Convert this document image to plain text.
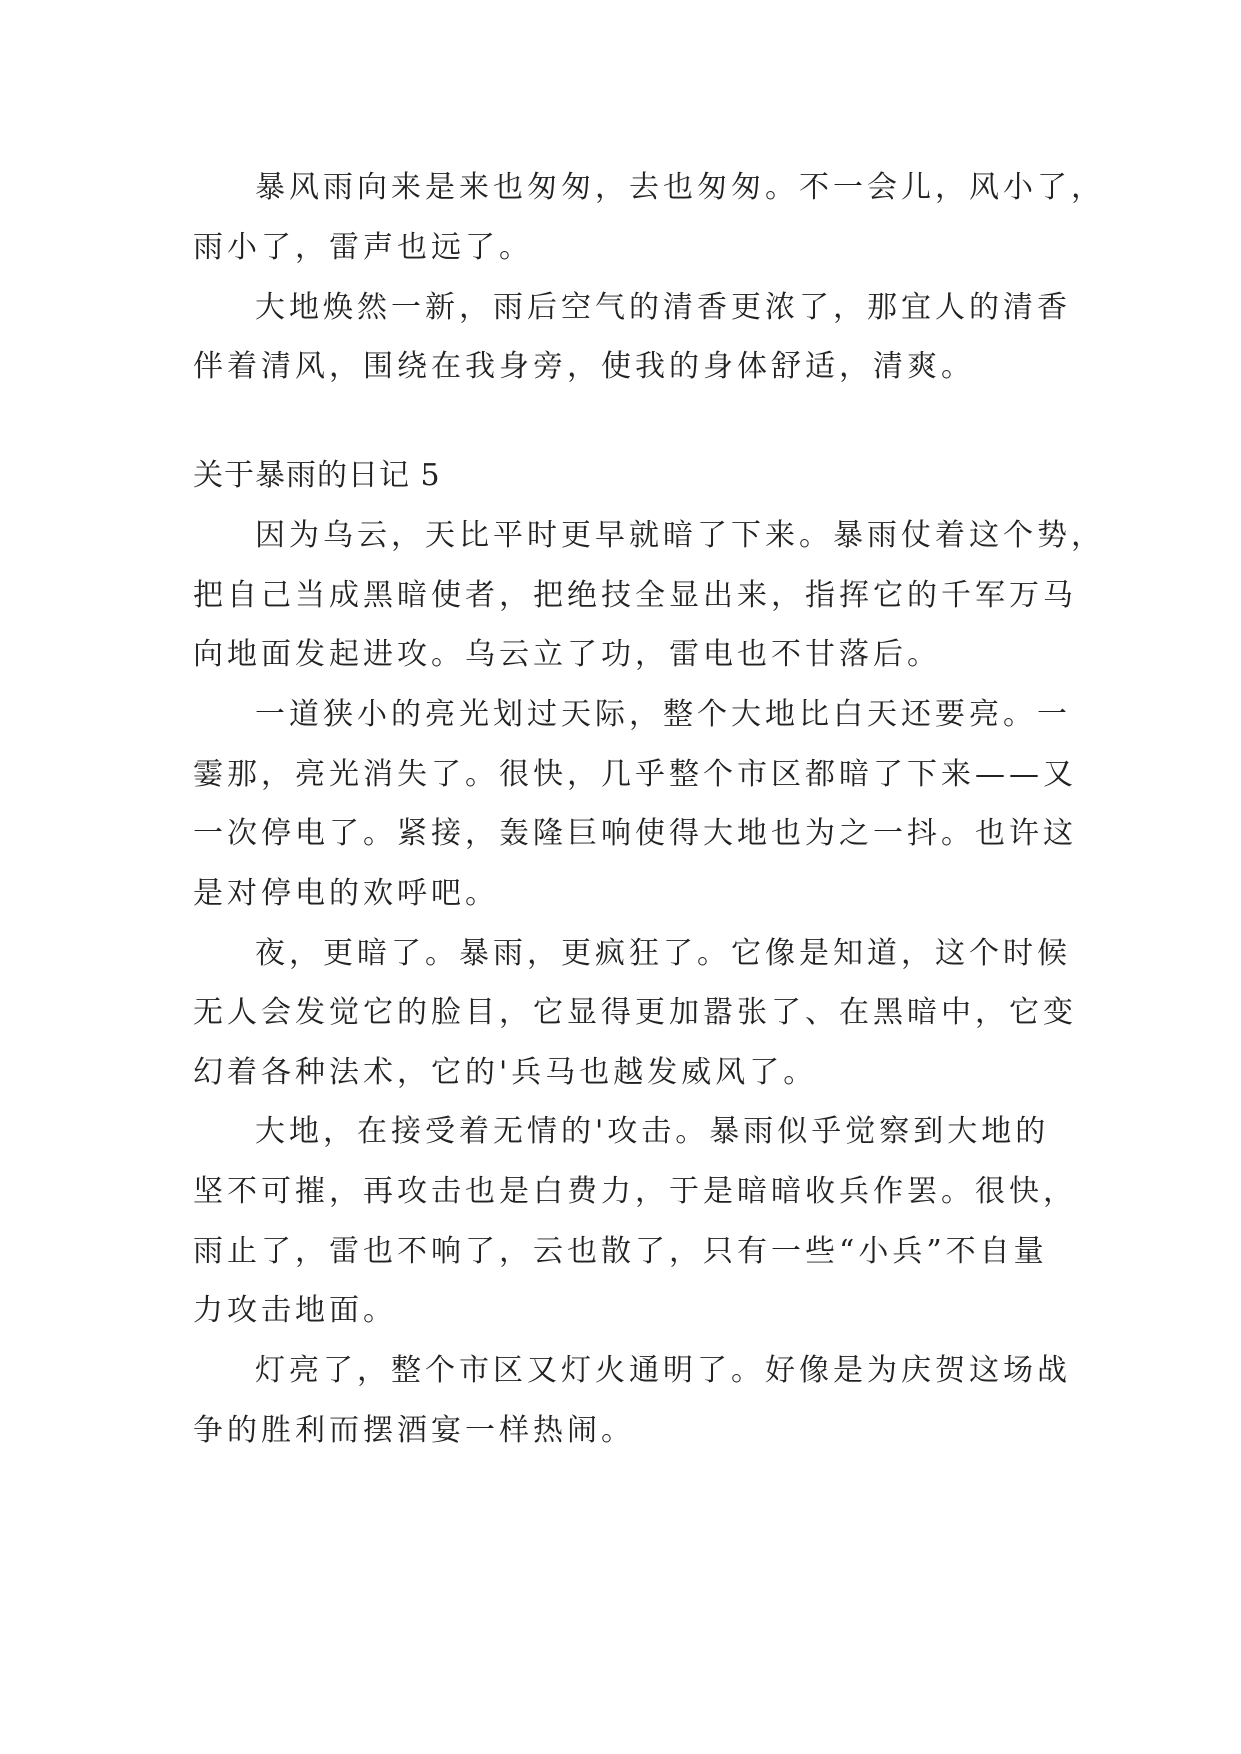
暴风雨向来是来也匆匆，去也匆匆。不一会儿，风小了，
雨小了，雷声也远了。
大地焕然一新，雨后空气的清香更浓了，那宜人的清香
伴着清风，围绕在我身旁，使我的身体舒适，清爽。
关于暴雨的日记 5
因为乌云，天比平时更早就暗了下来。暴雨仗着这个势，
把自己当成黑暗使者，把绝技全显出来，指挥它的千军万马
向地面发起进攻。乌云立了功，雷电也不甘落后。
一道狭小的亮光划过天际，整个大地比白天还要亮。一
霎那，亮光消失了。很快，几乎整个市区都暗了下来——又
一次停电了。紧接，轰隆巨响使得大地也为之一抖。也许这
是对停电的欢呼吧。
夜，更暗了。暴雨，更疯狂了。它像是知道，这个时候
无人会发觉它的脸目，它显得更加嚣张了、在黑暗中，它变
幻着各种法术，它的'兵马也越发威风了。
大地，在接受着无情的'攻击。暴雨似乎觉察到大地的
坚不可摧，再攻击也是白费力，于是暗暗收兵作罢。很快，
雨止了，雷也不响了，云也散了，只有一些“小兵”不自量
力攻击地面。
灯亮了，整个市区又灯火通明了。好像是为庆贺这场战
争的胜利而摆酒宴一样热闹。
